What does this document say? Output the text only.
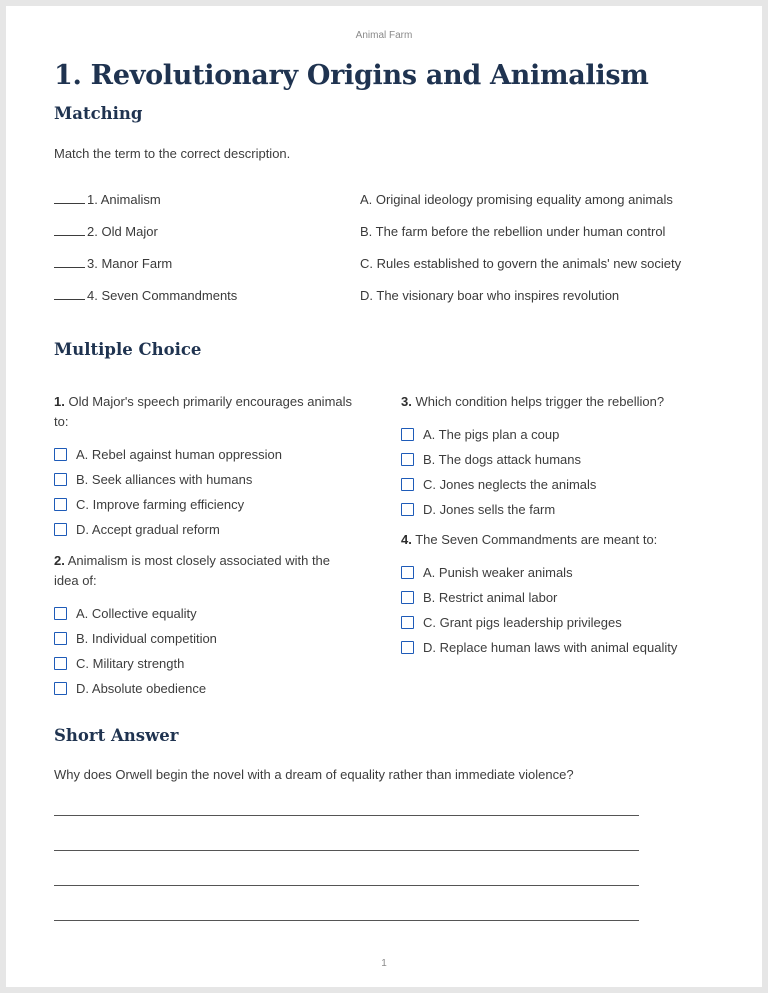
Animal Farm
1. Revolutionary Origins and Animalism
Matching
Match the term to the correct description.
1. Animalism	A. Original ideology promising equality among animals
2. Old Major	B. The farm before the rebellion under human control
3. Manor Farm	C. Rules established to govern the animals' new society
4. Seven Commandments	D. The visionary boar who inspires revolution
Multiple Choice
1. Old Major's speech primarily encourages animals
to:
A. Rebel against human oppression
B. Seek alliances with humans
C. Improve farming efficiency
D. Accept gradual reform
2. Animalism is most closely associated with the
idea of:
A. Collective equality
B. Individual competition
C. Military strength
D. Absolute obedience
3. Which condition helps trigger the rebellion?
A. The pigs plan a coup
B. The dogs attack humans
C. Jones neglects the animals
D. Jones sells the farm
4. The Seven Commandments are meant to:
A. Punish weaker animals
B. Restrict animal labor
C. Grant pigs leadership privileges
D. Replace human laws with animal equality
Short Answer
Why does Orwell begin the novel with a dream of equality rather than immediate violence?
1
